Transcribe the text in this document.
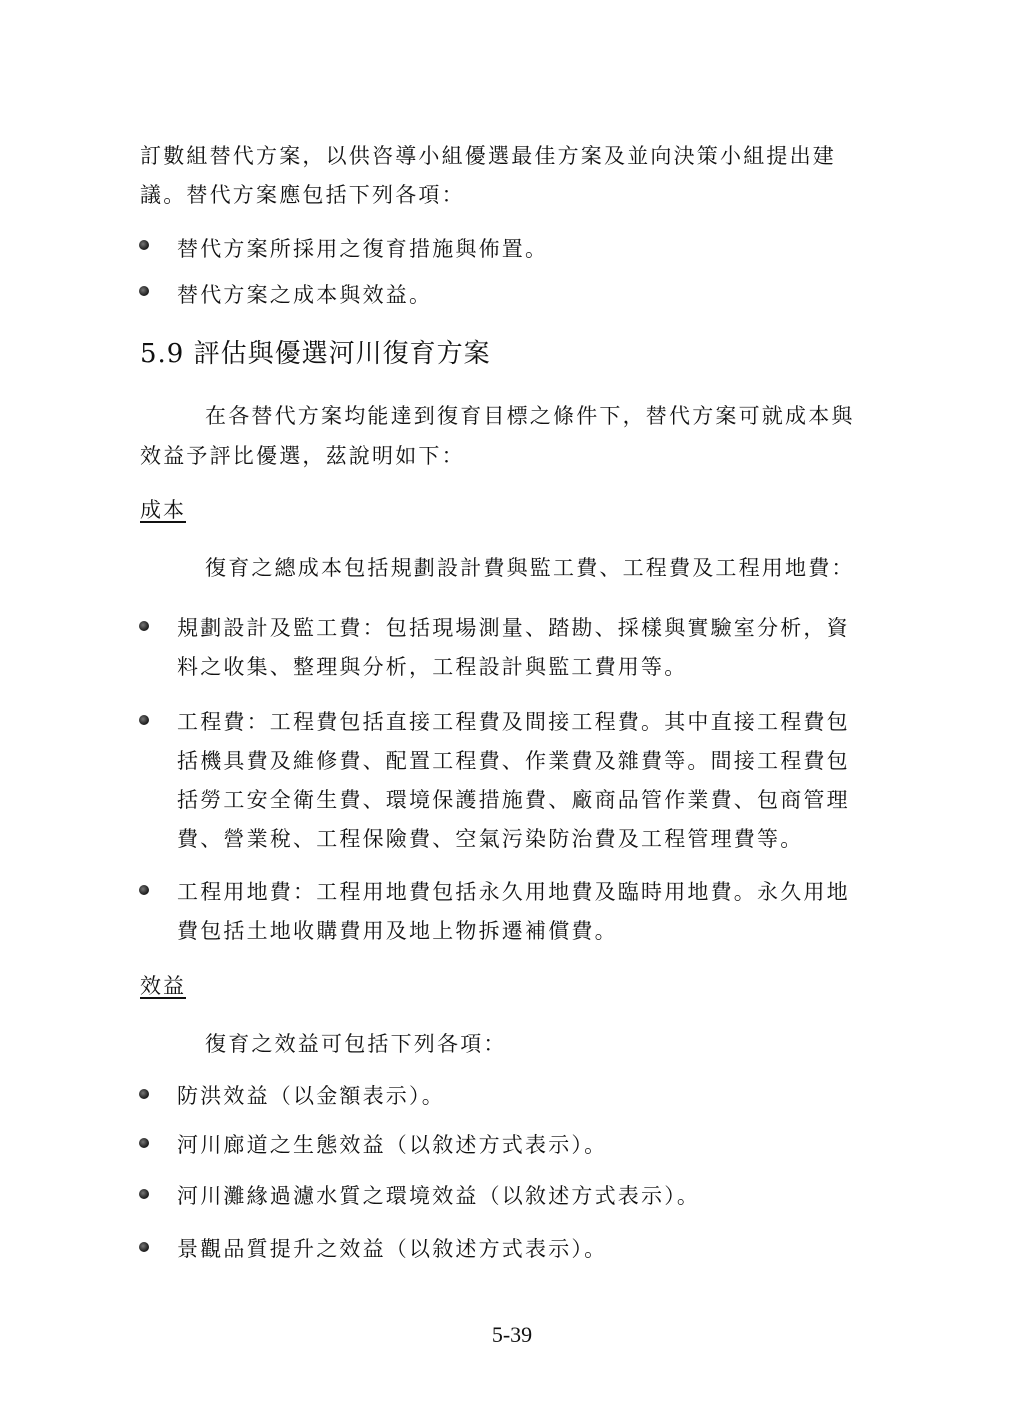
訂數組替代方案，以供咨導小組優選最佳方案及並向決策小組提出建
議。替代方案應包括下列各項：
替代方案所採用之復育措施與佈置。
替代方案之成本與效益。
5.9 評估與優選河川復育方案
在各替代方案均能達到復育目標之條件下，替代方案可就成本與
效益予評比優選，茲說明如下：
成本
復育之總成本包括規劃設計費與監工費、工程費及工程用地費：
規劃設計及監工費：包括現場測量、踏勘、採樣與實驗室分析，資
料之收集、整理與分析，工程設計與監工費用等。
工程費：工程費包括直接工程費及間接工程費。其中直接工程費包
括機具費及維修費、配置工程費、作業費及雜費等。間接工程費包
括勞工安全衛生費、環境保護措施費、廠商品管作業費、包商管理
費、營業稅、工程保險費、空氣污染防治費及工程管理費等。
工程用地費：工程用地費包括永久用地費及臨時用地費。永久用地
費包括土地收購費用及地上物拆遷補償費。
效益
復育之效益可包括下列各項：
防洪效益（以金額表示）。
河川廊道之生態效益（以敘述方式表示）。
河川灘緣過濾水質之環境效益（以敘述方式表示）。
景觀品質提升之效益（以敘述方式表示）。
5-39
